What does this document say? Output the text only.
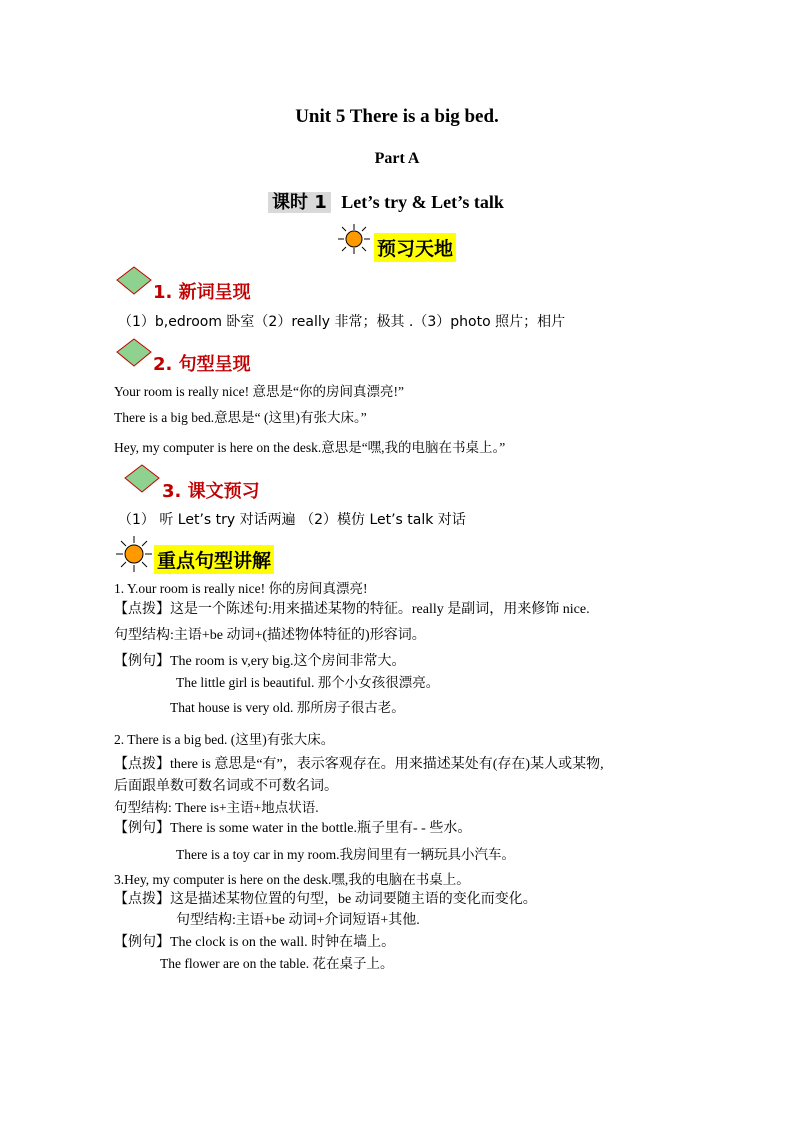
Unit 5 There is a big bed.
Part A
课时 1 Let’s try & Let’s talk
预习天地
1. 新词呈现
（1）b,edroom 卧室（2）really 非常；极其 .（3）photo 照片；相片
2. 句型呈现
Your room is really nice! 意思是“你的房间真漂亮!”
There is a big bed.意思是“ (这里)有张大床。”
Hey, my computer is here on the desk.意思是“嘿,我的电脑在书桌上。”
3. 课文预习
（1） 听 Let’s try 对话两遍 （2）模仿 Let’s talk 对话
重点句型讲解
1. Y.our room is really nice! 你的房间真漂亮!
【点拨】这是一个陈述句:用来描述某物的特征。really 是副词，用来修饰 nice.
句型结构:主语+be 动词+(描述物体特征的)形容词。
【例句】The room is v,ery big.这个房间非常大。
The little girl is beautiful. 那个小女孩很漂亮。
That house is very old. 那所房子很古老。
2. There is a big bed. (这里)有张大床。
【点拨】there is 意思是“有”，表示客观存在。用来描述某处有(存在)某人或某物,
后面跟单数可数名词或不可数名词。
句型结构: There is+主语+地点状语.
【例句】There is some water in the bottle.瓶子里有- - 些水。
There is a toy car in my room.我房间里有一辆玩具小汽车。
3.Hey, my computer is here on the desk.嘿,我的电脑在书桌上。
【点拨】这是描述某物位置的句型，be 动词要随主语的变化而变化。
句型结构:主语+be 动词+介词短语+其他.
【例句】The clock is on the wall. 时钟在墙上。
The flower are on the table. 花在桌子上。
